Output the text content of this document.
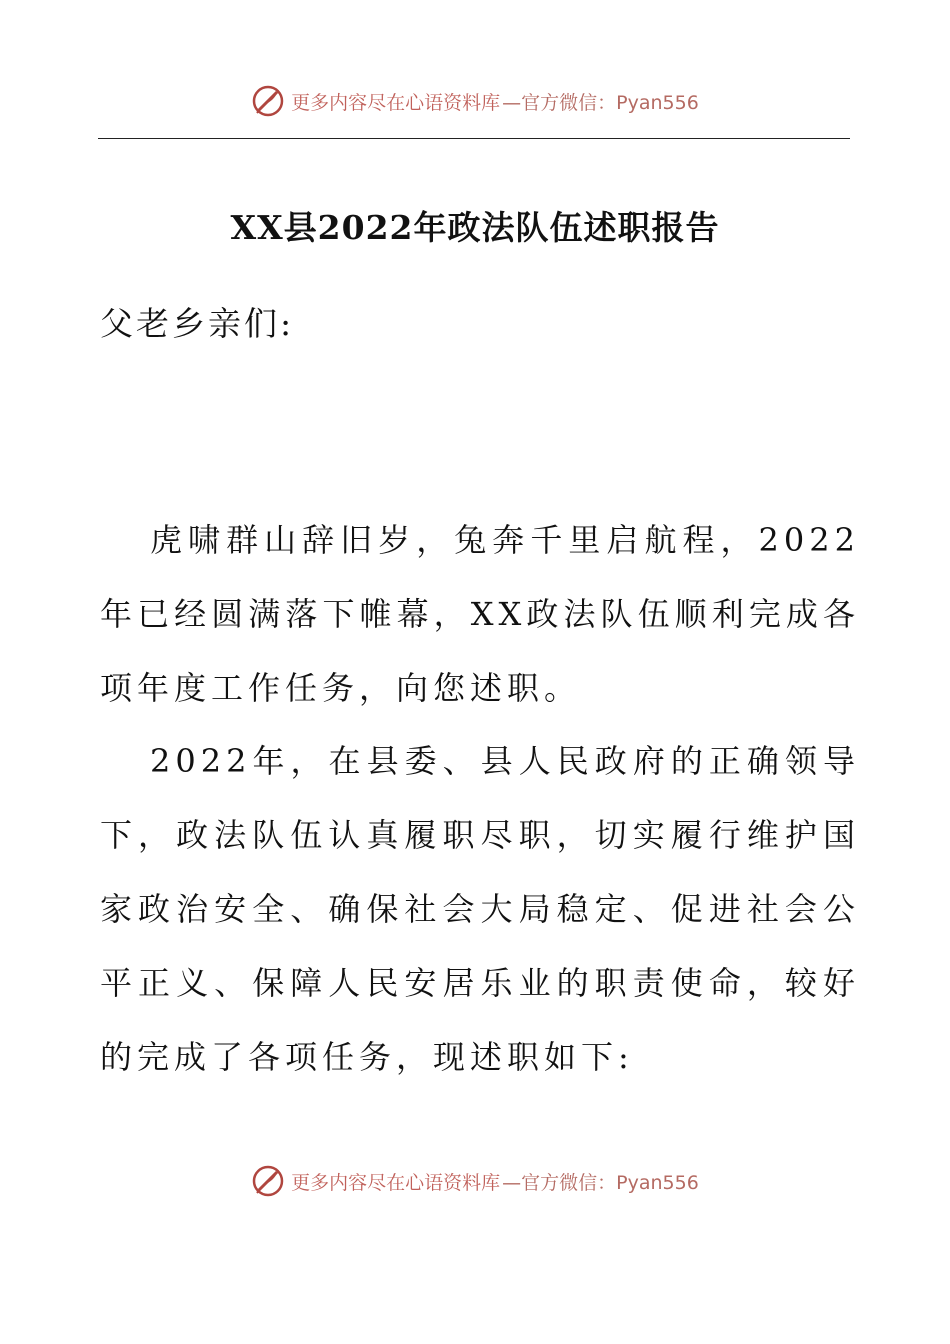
更多内容尽在心语资料库 —官方微信：Pyan556
XX县2022年政法队伍述职报告
父老乡亲们:

虎啸群山辞旧岁，兔奔千里启航程，2022年已经圆满落下帷幕，XX政法队伍顺利完成各项年度工作任务，向您述职。

2022年，在县委、县人民政府的正确领导下，政法队伍认真履职尽职，切实履行维护国家政治安全、确保社会大局稳定、促进社会公平正义、保障人民安居乐业的职责使命，较好的完成了各项任务，现述职如下:

更多内容尽在心语资料库 —官方微信：Pyan556
